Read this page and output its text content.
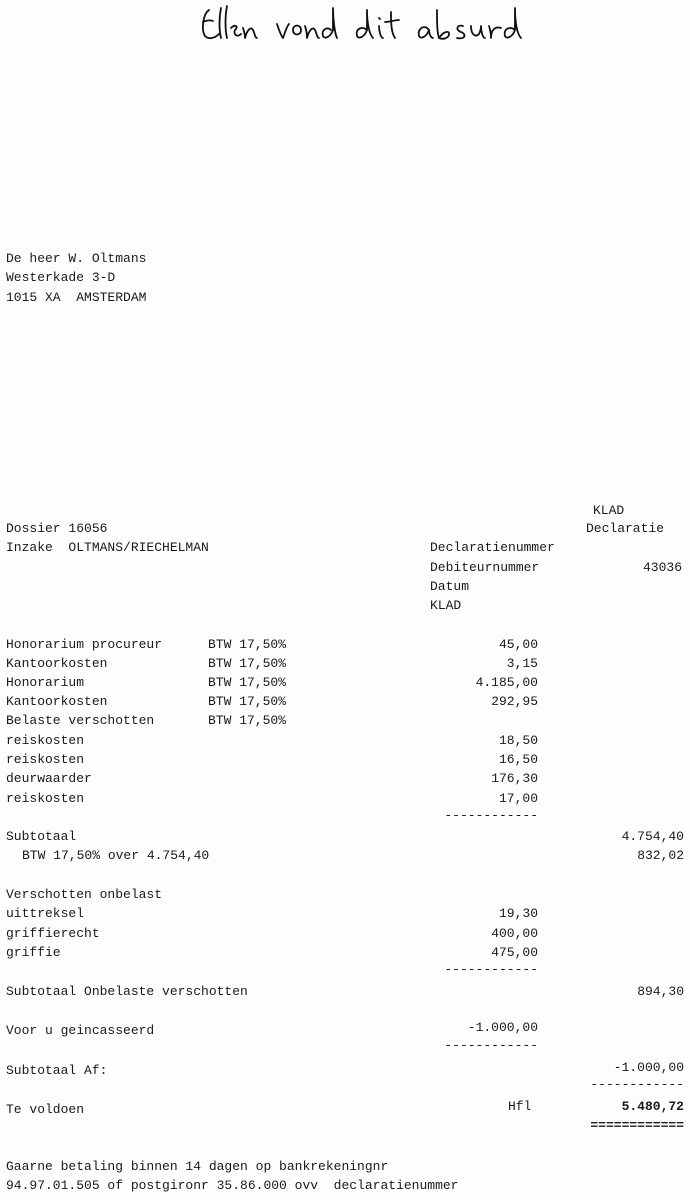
De heer W. Oltmans
Westerkade 3-D
1015 XA  AMSTERDAM
KLAD
Declaratie
Dossier 16056
Inzake  OLTMANS/RIECHELMAN	Declaratienummer
Debiteurnummer	43036
Datum
KLAD
Honorarium procureur	BTW 17,50%	45,00
Kantoorkosten	BTW 17,50%	3,15
Honorarium	BTW 17,50%	4.185,00
Kantoorkosten	BTW 17,50%	292,95
Belaste verschotten	BTW 17,50%
reiskosten	18,50
reiskosten	16,50
deurwaarder	176,30
reiskosten	17,00
------------
Subtotaal	4.754,40
BTW 17,50% over 4.754,40	832,02
Verschotten onbelast
uittreksel	19,30
griffierecht	400,00
griffie	475,00
------------
Subtotaal Onbelaste verschotten	894,30
Voor u geincasseerd	-1.000,00
------------
Subtotaal Af:	-1.000,00
------------
Te voldoen	Hfl	5.480,72
============
Gaarne betaling binnen 14 dagen op bankrekeningnr
94.97.01.505 of postgironr 35.86.000 ovv  declaratienummer
